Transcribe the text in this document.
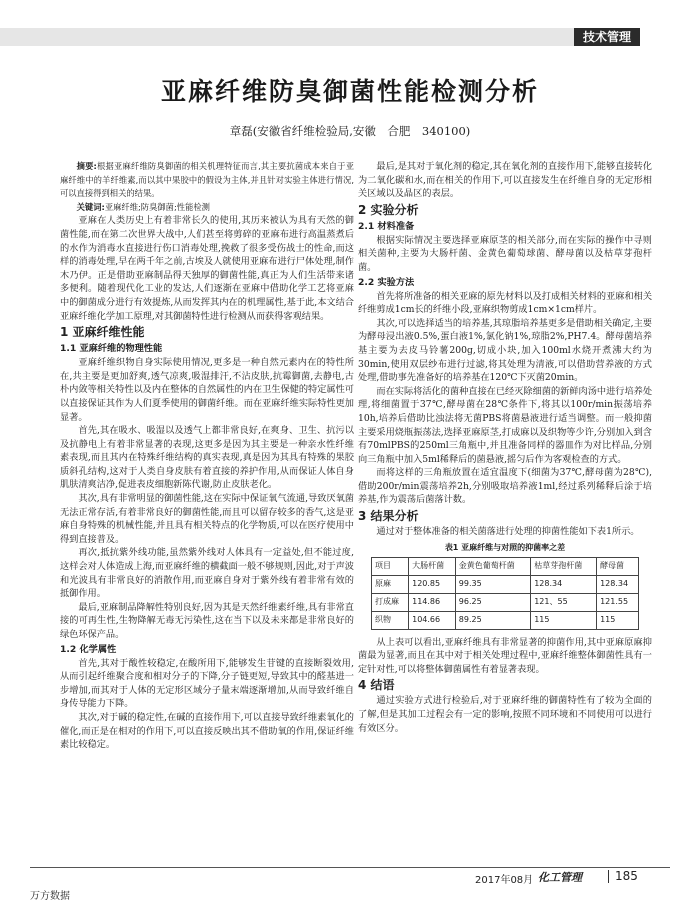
技术管理
亚麻纤维防臭御菌性能检测分析
章磊(安徽省纤维检验局,安徽　合肥　340100)
摘要:根据亚麻纤维防臭御菌的相关机理特征而言,其主要抗菌成本来自于亚麻纤维中的羊纤维素,而以其中果胶中的假设为主体,并且针对实验主体进行情况,可以直接得到相关的结果。
关键词:亚麻纤维;防臭御菌;性能检测

亚麻在人类历史上有着非常长久的使用,其历来被认为具有天然的御菌性能,而在第二次世界大战中,人们甚至将剪碎的亚麻布进行高温蒸煮后的水作为消毒水直接进行伤口消毒处理,挽救了很多受伤战士的性命,而这样的消毒处理,早在两千年之前,古埃及人就使用亚麻布进行尸体处理,制作木乃伊。正是借助亚麻制品得天独厚的御菌性能,真正为人们生活带来诸多便利。随着现代化工业的发达,人们逐渐在亚麻中借助化学工艺将亚麻中的御菌成分进行有效提炼,从而发挥其内在的机理属性,基于此,本文结合亚麻纤维化学加工原理,对其御菌特性进行检测从而获得客观结果。

1 亚麻纤维性能
1.1 亚麻纤维的物理性能

亚麻纤维织物自身实际使用情况,更多是一种自然元素内在的特性所在,共主要是更加舒爽,透气凉爽,吸湿排汗,不沾皮肤,抗霉御菌,去静电,古朴内敛等相关特性以及内在整体的自然属性的内在卫生保健的特定属性可以直接保证其作为人们夏季使用的御菌纤维。而在亚麻纤维实际特性更加显著。

首先,其在吸水、吸湿以及透气上都非常良好,在爽身、卫生、抗污以及抗静电上有着非常显著的表现,这更多是因为其主要是一种亲水性纤维素表现,而且其内在特殊纤维结构的真实表现,真是因为其具有特殊的果胶质斜孔结构,这对于人类自身皮肤有着直接的养护作用,从而保证人体自身肌肤清爽洁净,促进表皮细胞新陈代谢,防止皮肤老化。

其次,具有非常明显的御菌性能,这在实际中保证氧气流通,导致厌氧菌无法正常存活,有着非常良好的御菌性能,而且可以留存较多的香气,这是亚麻自身特殊的机械性能,并且具有相关特点的化学物质,可以在医疗使用中得到直接普及。

再次,抵抗紫外线功能,虽然紫外线对人体具有一定益处,但不能过度,这样会对人体造成上海,而亚麻纤维的横截面一般不够规则,因此,对于声波和光波具有非常良好的消散作用,而亚麻自身对于紫外线有着非常有效的抵御作用。

最后,亚麻制品降解性特别良好,因为其是天然纤维素纤维,具有非常直接的可再生性,生物降解无毒无污染性,这在当下以及未来都是非常良好的绿色环保产品。

1.2 化学属性

首先,其对于酸性较稳定,在酸所用下,能够发生苷键的直接断裂效用,从而引起纤维聚合度和相对分子的下降,分子链更短,导致其中的醛基进一步增加,而其对于人体的无定形区域分子量末端逐渐增加,从而导致纤维自身传导能力下降。

其次,对于碱的稳定性,在碱的直接作用下,可以直接导致纤维素氧化的催化,而正是在相对的作用下,可以直接反映出其不借助氧的作用,保证纤维素比较稳定。

最后,是其对于氧化剂的稳定,其在氧化剂的直接作用下,能够直接转化为二氧化碳和水,而在相关的作用下,可以直接发生在纤维自身的无定形相关区域以及晶区的表层。

2 实验分析
2.1 材料准备

根据实际情况主要选择亚麻原茎的相关部分,而在实际的操作中寻则相关菌种,主要为大肠杆菌、金黄色葡萄球菌、酵母菌以及枯草芽孢杆菌。

2.2 实验方法

首先将所准备的相关亚麻的原先材料以及打成相关材料的亚麻和相关纤维剪成1cm长的纤维小段,亚麻织物剪成1cm×1cm样片。

其次,可以选择适当的培养基,其琼脂培养基更多是借助相关确定,主要为酵母浸出液0.5%,蛋白液1%,氯化钠1%,琼脂2%,PH7.4。酵母菌培养基主要为去皮马铃薯200g,切成小块,加入100ml水烧开煮沸大约为30min,使用双层纱布进行过滤,将其处理为清液,可以借助营养液的方式处理,借助事先准备好的培养基在120℃下灭菌20min。

而在实际将活化的菌种直接在已经灭除细菌的新鲜肉汤中进行培养处理,将细菌置于37℃,酵母菌在28℃条件下,将其以100r/min振荡培养10h,培养后借助比浊法将无菌PBS将菌悬液进行适当调整。而一般抑菌主要采用烧瓶振荡法,选择亚麻原茎,打成麻以及织物等少许,分别加入到含有70mlPBS的250ml三角瓶中,并且准备同样的器皿作为对比样品,分别向三角瓶中加入5ml稀释后的菌悬液,摇匀后作为客观检查的方式。

而将这样的三角瓶放置在适宜温度下(细菌为37℃,酵母菌为28℃),借助200r/min震荡培养2h,分别吸取培养液1ml,经过系列稀释后涂于培养基,作为震荡后菌落计数。

3 结果分析

通过对于整体准备的相关菌落进行处理的抑菌性能如下表1所示。

表1 亚麻纤维与对照的抑菌率之差
项目	大肠杆菌	金黄色葡萄杆菌	枯草芽孢杆菌	酵母菌
原麻	120.85	99.35	128.34	128.34
打成麻	114.86	96.25	121、55	121.55
织物	104.66	89.25	115	115

从上表可以看出,亚麻纤维具有非常显著的抑菌作用,其中亚麻原麻抑菌最为显著,而且在其中对于相关处理过程中,亚麻纤维整体御菌性具有一定针对性,可以将整体御菌属性有着显著表现。

4 结语

通过实验方式进行检验后,对于亚麻纤维的御菌特性有了较为全面的了解,但是其加工过程会有一定的影响,按照不同环境和不同使用可以进行有效区分。

2017年08月 化工管理	185
万方数据
